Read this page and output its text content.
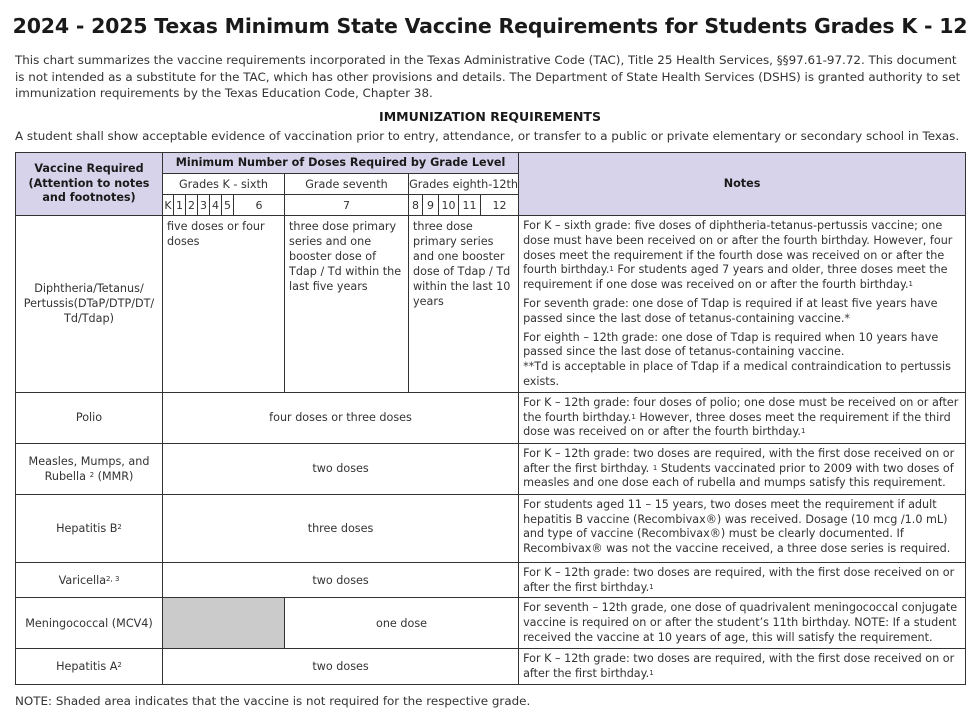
2024 - 2025 Texas Minimum State Vaccine Requirements for Students Grades K - 12
This chart summarizes the vaccine requirements incorporated in the Texas Administrative Code (TAC), Title 25 Health Services, §§97.61-97.72. This document is not intended as a substitute for the TAC, which has other provisions and details. The Department of State Health Services (DSHS) is granted authority to set immunization requirements by the Texas Education Code, Chapter 38.
IMMUNIZATION REQUIREMENTS
A student shall show acceptable evidence of vaccination prior to entry, attendance, or transfer to a public or private elementary or secondary school in Texas.
Vaccine Required (Attention to notes and footnotes)	Minimum Number of Doses Required by Grade Level													Notes
	Grades K - sixth							Grade seventh	Grades eighth-12th					
	K	1	2	3	4	5	6	7	8	9	10	11	12	
Diphtheria/Tetanus/ Pertussis(DTaP/DTP/DT/ Td/Tdap)	five doses or four doses							three dose primary series and one booster dose of Tdap / Td within the last five years	three dose primary series and one booster dose of Tdap / Td within the last 10 years					For K – sixth grade: five doses of diphtheria-tetanus-pertussis vaccine; one dose must have been received on or after the fourth birthday. However, four doses meet the requirement if the fourth dose was received on or after the fourth birthday.$^1$ For students aged 7 years and older, three doses meet the requirement if one dose was received on or after the fourth birthday.$^1$

For seventh grade: one dose of Tdap is required if at least five years have passed since the last dose of tetanus-containing vaccine.*

For eighth – 12th grade: one dose of Tdap is required when 10 years have passed since the last dose of tetanus-containing vaccine.
**Td is acceptable in place of Tdap if a medical contraindication to pertussis exists.

Polio	four doses or three doses													For K – 12th grade: four doses of polio; one dose must be received on or after the fourth birthday.$^1$ However, three doses meet the requirement if the third dose was received on or after the fourth birthday.$^1$
Measles, Mumps, and Rubella $^2$ (MMR)	two doses													For K – 12th grade: two doses are required, with the first dose received on or after the first birthday. $^1$ Students vaccinated prior to 2009 with two doses of measles and one dose each of rubella and mumps satisfy this requirement.
Hepatitis $B^2$	three doses													For students aged 11 – 15 years, two doses meet the requirement if adult hepatitis B vaccine (Recombivax®) was received. Dosage (10 mcg /1.0 mL) and type of vaccine (Recombivax®) must be clearly documented. If Recombivax® was not the vaccine received, a three dose series is required.
Varicella$^{2, 3}$	two doses													For K – 12th grade: two doses are required, with the first dose received on or after the first birthday.$^1$
Meningococcal (MCV4)								one dose						For seventh – 12th grade, one dose of quadrivalent meningococcal conjugate vaccine is required on or after the student’s 11th birthday. NOTE: If a student received the vaccine at 10 years of age, this will satisfy the requirement.
Hepatitis $A^2$	two doses													For K – 12th grade: two doses are required, with the first dose received on or after the first birthday.$^1$
NOTE: Shaded area indicates that the vaccine is not required for the respective grade.
